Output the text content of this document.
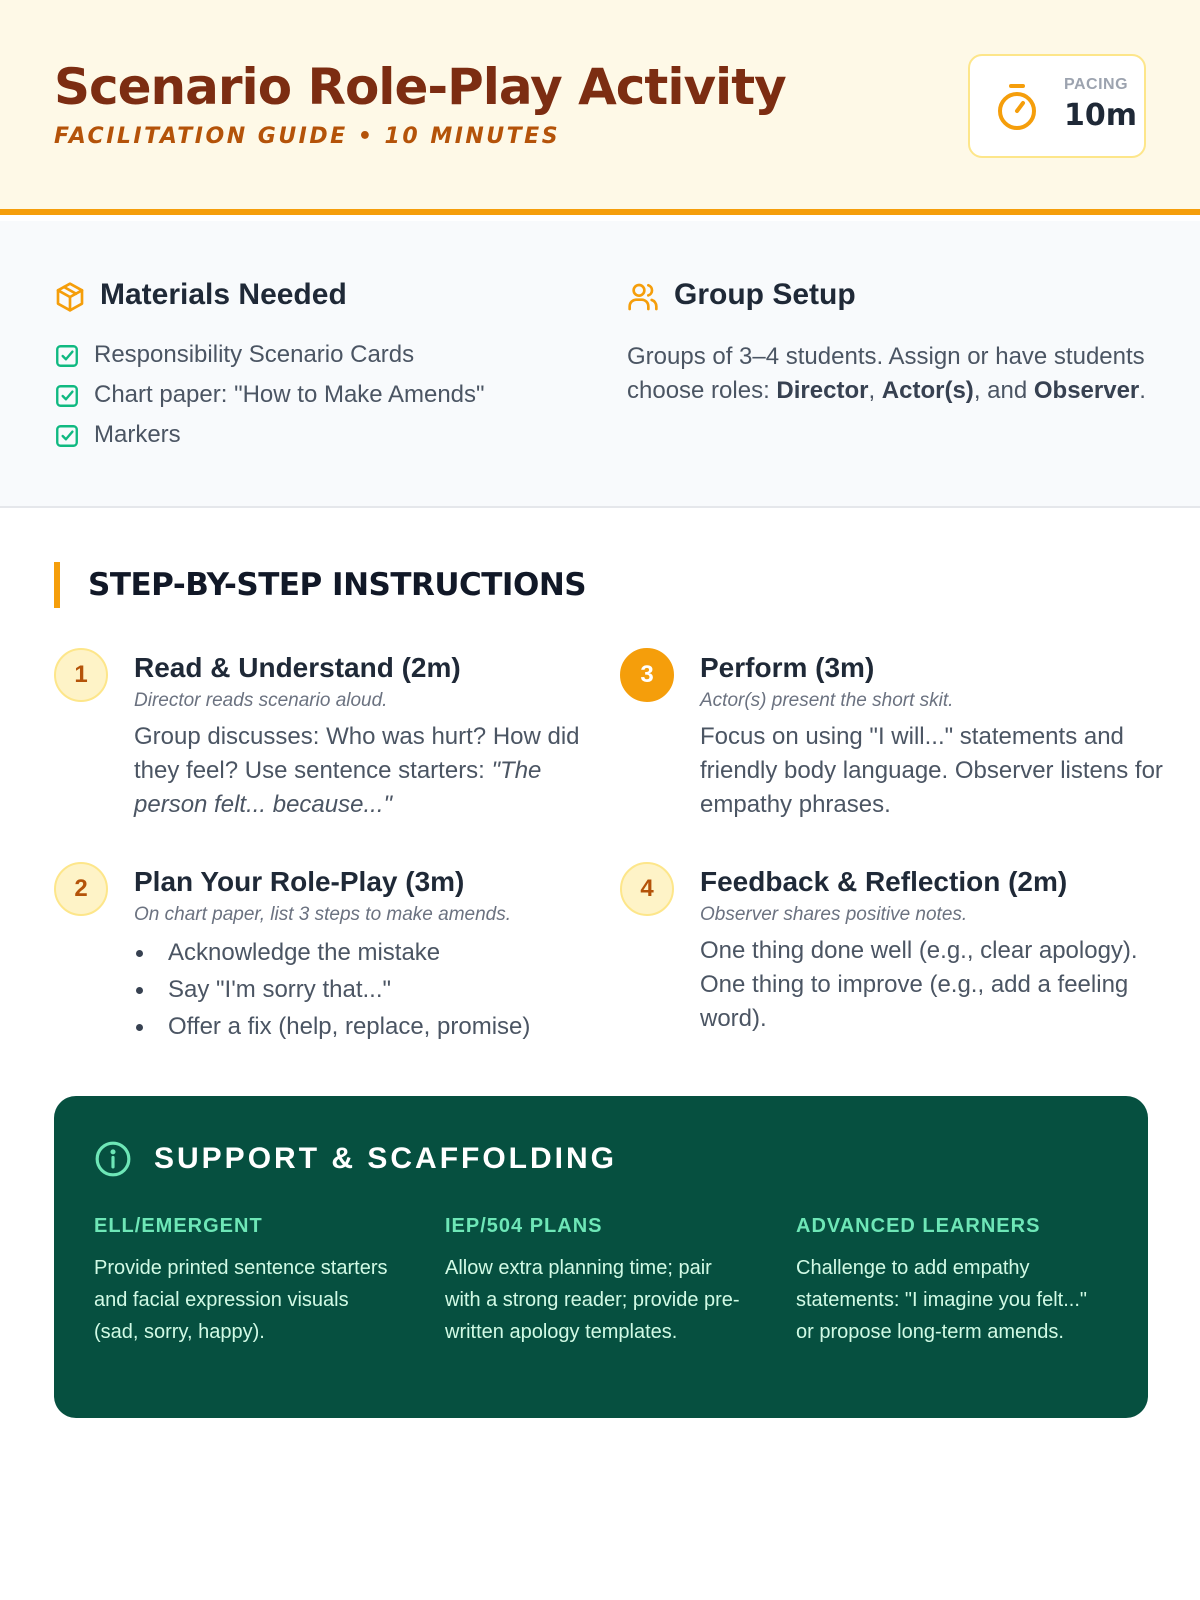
Scenario Role-Play Activity
FACILITATION GUIDE • 10 MINUTES
PACING
10m
Materials Needed
Responsibility Scenario Cards
Chart paper: "How to Make Amends"
Markers
Group Setup

Groups of 3–4 students. Assign or have students choose roles: Director, Actor(s), and Observer.

STEP-BY-STEP INSTRUCTIONS
1	Read & Understand (2m)
Director reads scenario aloud.

Group discusses: Who was hurt? How did they feel? Use sentence starters: "The person felt... because..."

2	Plan Your Role-Play (3m)
On chart paper, list 3 steps to make amends.
Acknowledge the mistake
Say "I'm sorry that..."
Offer a fix (help, replace, promise)
3	Perform (3m)
Actor(s) present the short skit.

Focus on using "I will..." statements and friendly body language. Observer listens for empathy phrases.

4	Feedback & Reflection (2m)
Observer shares positive notes.

One thing done well (e.g., clear apology). One thing to improve (e.g., add a feeling word).

SUPPORT & SCAFFOLDING
ELL/EMERGENT

Provide printed sentence starters and facial expression visuals (sad, sorry, happy).

IEP/504 PLANS

Allow extra planning time; pair with a strong reader; provide pre-written apology templates.

ADVANCED LEARNERS

Challenge to add empathy statements: "I imagine you felt..." or propose long-term amends.
